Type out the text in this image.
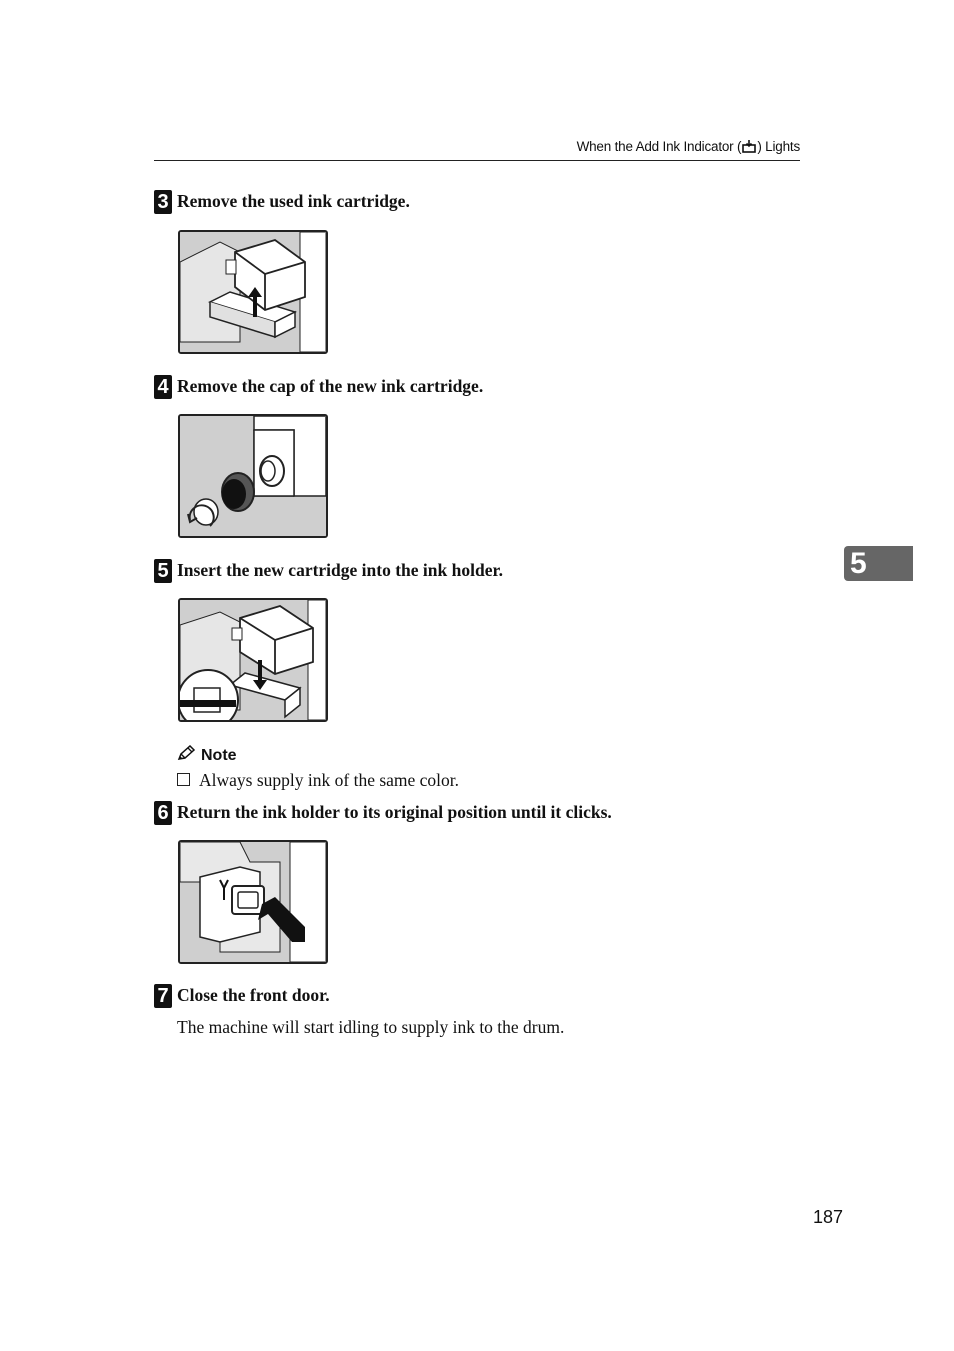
When the Add Ink Indicator ( ) Lights
3 Remove the used ink cartridge.
4 Remove the cap of the new ink cartridge.
5 Insert the new cartridge into the ink holder.
Note
Always supply ink of the same color.
6 Return the ink holder to its original position until it clicks.
7 Close the front door.
The machine will start idling to supply ink to the drum.
5
187
